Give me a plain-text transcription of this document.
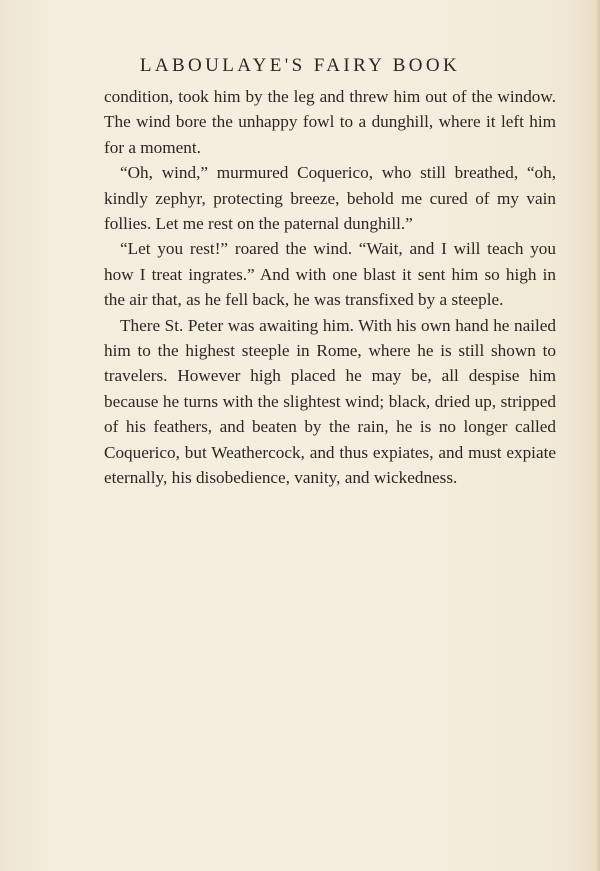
LABOULAYE'S FAIRY BOOK

condition, took him by the leg and threw him out of the window. The wind bore the unhappy fowl to a dunghill, where it left him for a moment.

“Oh, wind,” murmured Coquerico, who still breathed, “oh, kindly zephyr, protecting breeze, behold me cured of my vain follies. Let me rest on the paternal dunghill.”

“Let you rest!” roared the wind. “Wait, and I will teach you how I treat ingrates.” And with one blast it sent him so high in the air that, as he fell back, he was transfixed by a steeple.

There St. Peter was awaiting him. With his own hand he nailed him to the highest steeple in Rome, where he is still shown to travelers. However high placed he may be, all despise him because he turns with the slightest wind; black, dried up, stripped of his feathers, and beaten by the rain, he is no longer called Coquerico, but Weathercock, and thus expiates, and must expiate eternally, his disobedience, vanity, and wickedness.
